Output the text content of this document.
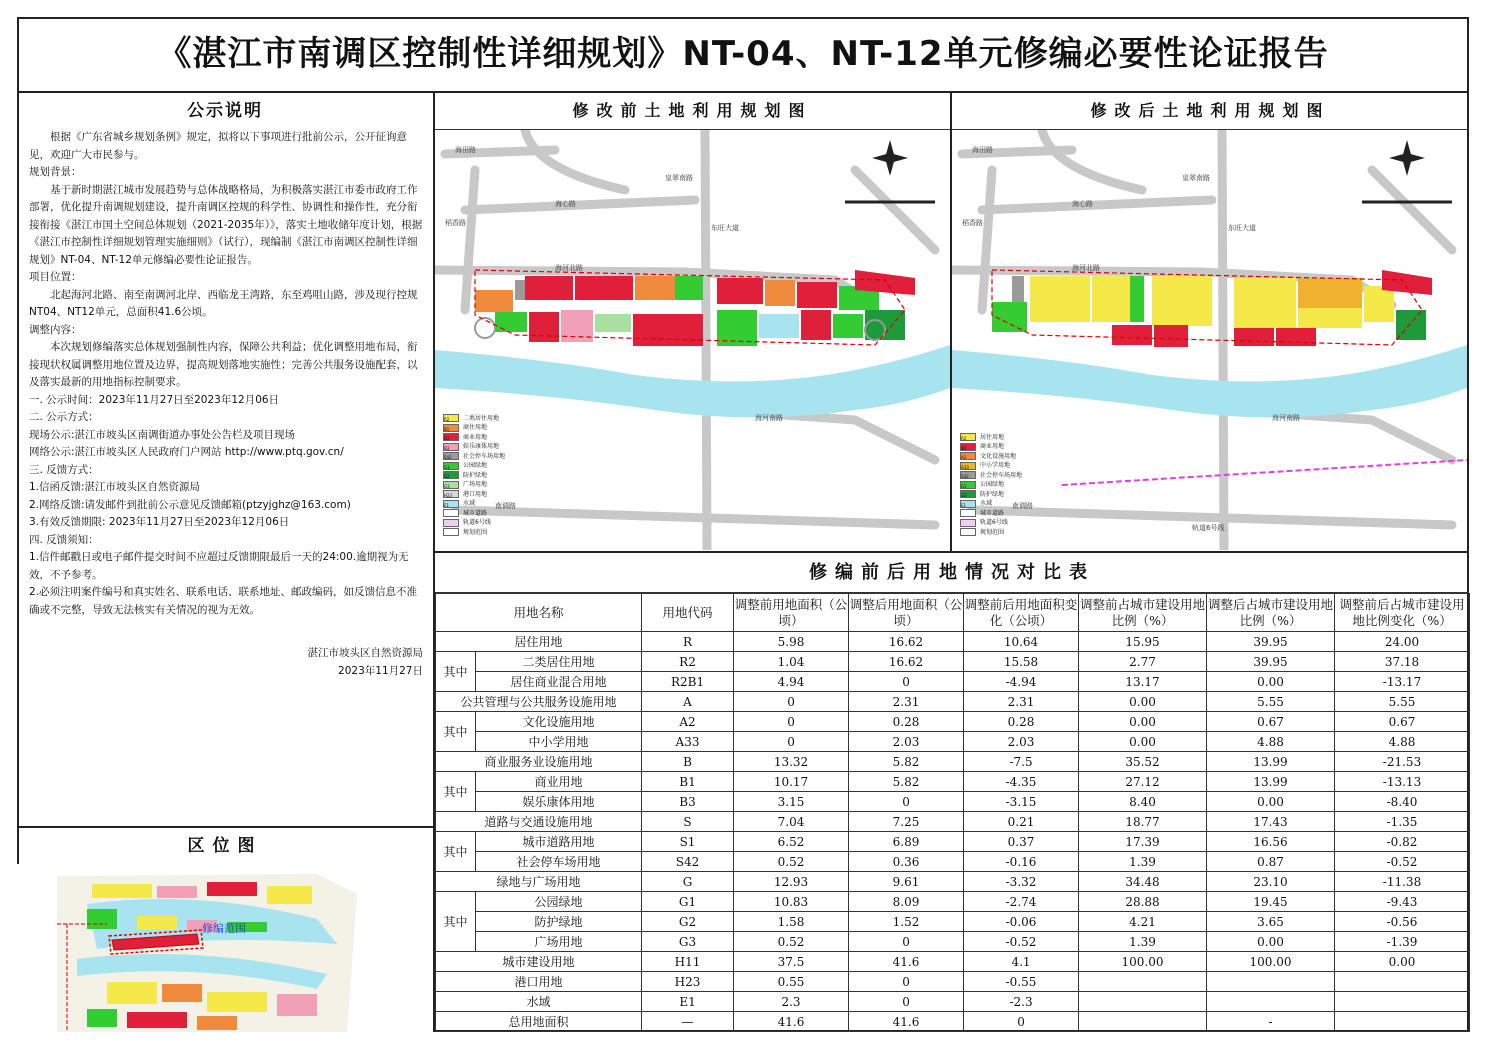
《湛江市南调区控制性详细规划》NT-04、NT-12单元修编必要性论证报告
公示说明

根据《广东省城乡规划条例》规定，拟将以下事项进行批前公示，公开征询意见，欢迎广大市民参与。

规划背景：

基于新时期湛江城市发展趋势与总体战略格局，为积极落实湛江市委市政府工作部署，优化提升南调规划建设，提升南调区控规的科学性、协调性和操作性，充分衔接衔接《湛江市国土空间总体规划（2021-2035年）》，落实土地收储年度计划，根据《湛江市控制性详细规划管理实施细则》（试行），现编制《湛江市南调区控制性详细规划》NT-04、NT-12单元修编必要性论证报告。

项目位置：

北起海河北路、南至南调河北岸、西临龙王湾路，东至鸡咀山路，涉及现行控规NT04、NT12单元，总面积41.6公顷。

调整内容：

本次规划修编落实总体规划强制性内容，保障公共利益；优化调整用地布局，衔接现状权属调整用地位置及边界，提高规划落地实施性；完善公共服务设施配套，以及落实最新的用地指标控制要求。

一. 公示时间：2023年11月27日至2023年12月06日

二. 公示方式：

现场公示:湛江市坡头区南调街道办事处公告栏及项目现场

网络公示:湛江市坡头区人民政府门户网站 http://www.ptq.gov.cn/

三. 反馈方式：

1.信函反馈:湛江市坡头区自然资源局

2.网络反馈:请发邮件到批前公示意见反馈邮箱(ptzyjghz@163.com)

3.有效反馈期限: 2023年11月27日至2023年12月06日

四. 反馈须知：

1.信件邮戳日或电子邮件提交时间不应超过反馈期限最后一天的24:00.逾期视为无效，不予参考。

2.必须注明案件编号和真实姓名、联系电话、联系地址、邮政编码，如反馈信息不准确或不完整，导致无法核实有关情况的视为无效。

湛江市坡头区自然资源局

2023年11月27日

区位图
修编范围
修改前土地利用规划图
海田路
海心路
海河北路
海河南路
南调路
东旺大道
皇翠南路
稻香路
R2	二类居住用地
B1	商住用地
B1	商业用地
B3	娱乐康体用地
S42	社会停车场用地
G1	公园绿地
G2	防护绿地
G3	广场用地
H23	港口用地
E1	水域
城市道路
轨道6号线
规划范围
修改后土地利用规划图
海田路
海心路
海河北路
海河南路
南调路
东旺大道
皇翠南路
稻香路
轨道6号线
R2	居住用地
B1	商业用地
A2	文化设施用地
A33	中小学用地
S42	社会停车场用地
G1	公园绿地
G2	防护绿地
E1	水域
城市道路
轨道6号线
规划范围
修编前后用地情况对比表
用地名称		用地代码	调整前用地面积（公顷）	调整后用地面积（公顷）	调整前后用地面积变化（公顷）	调整前占城市建设用地比例（%）	调整后占城市建设用地比例（%）	调整前后占城市建设用地比例变化（%）
居住用地		R	5.98	16.62	10.64	15.95	39.95	24.00
其中	二类居住用地	R2	1.04	16.62	15.58	2.77	39.95	37.18
	居住商业混合用地	R2B1	4.94	0	-4.94	13.17	0.00	-13.17
公共管理与公共服务设施用地		A	0	2.31	2.31	0.00	5.55	5.55
其中	文化设施用地	A2	0	0.28	0.28	0.00	0.67	0.67
	中小学用地	A33	0	2.03	2.03	0.00	4.88	4.88
商业服务业设施用地		B	13.32	5.82	-7.5	35.52	13.99	-21.53
其中	商业用地	B1	10.17	5.82	-4.35	27.12	13.99	-13.13
	娱乐康体用地	B3	3.15	0	-3.15	8.40	0.00	-8.40
道路与交通设施用地		S	7.04	7.25	0.21	18.77	17.43	-1.35
其中	城市道路用地	S1	6.52	6.89	0.37	17.39	16.56	-0.82
	社会停车场用地	S42	0.52	0.36	-0.16	1.39	0.87	-0.52
绿地与广场用地		G	12.93	9.61	-3.32	34.48	23.10	-11.38
其中	公园绿地	G1	10.83	8.09	-2.74	28.88	19.45	-9.43
	防护绿地	G2	1.58	1.52	-0.06	4.21	3.65	-0.56
	广场用地	G3	0.52	0	-0.52	1.39	0.00	-1.39
城市建设用地		H11	37.5	41.6	4.1	100.00	100.00	0.00
港口用地		H23	0.55	0	-0.55			
水域		E1	2.3	0	-2.3			
总用地面积		—	41.6	41.6	0		-	
